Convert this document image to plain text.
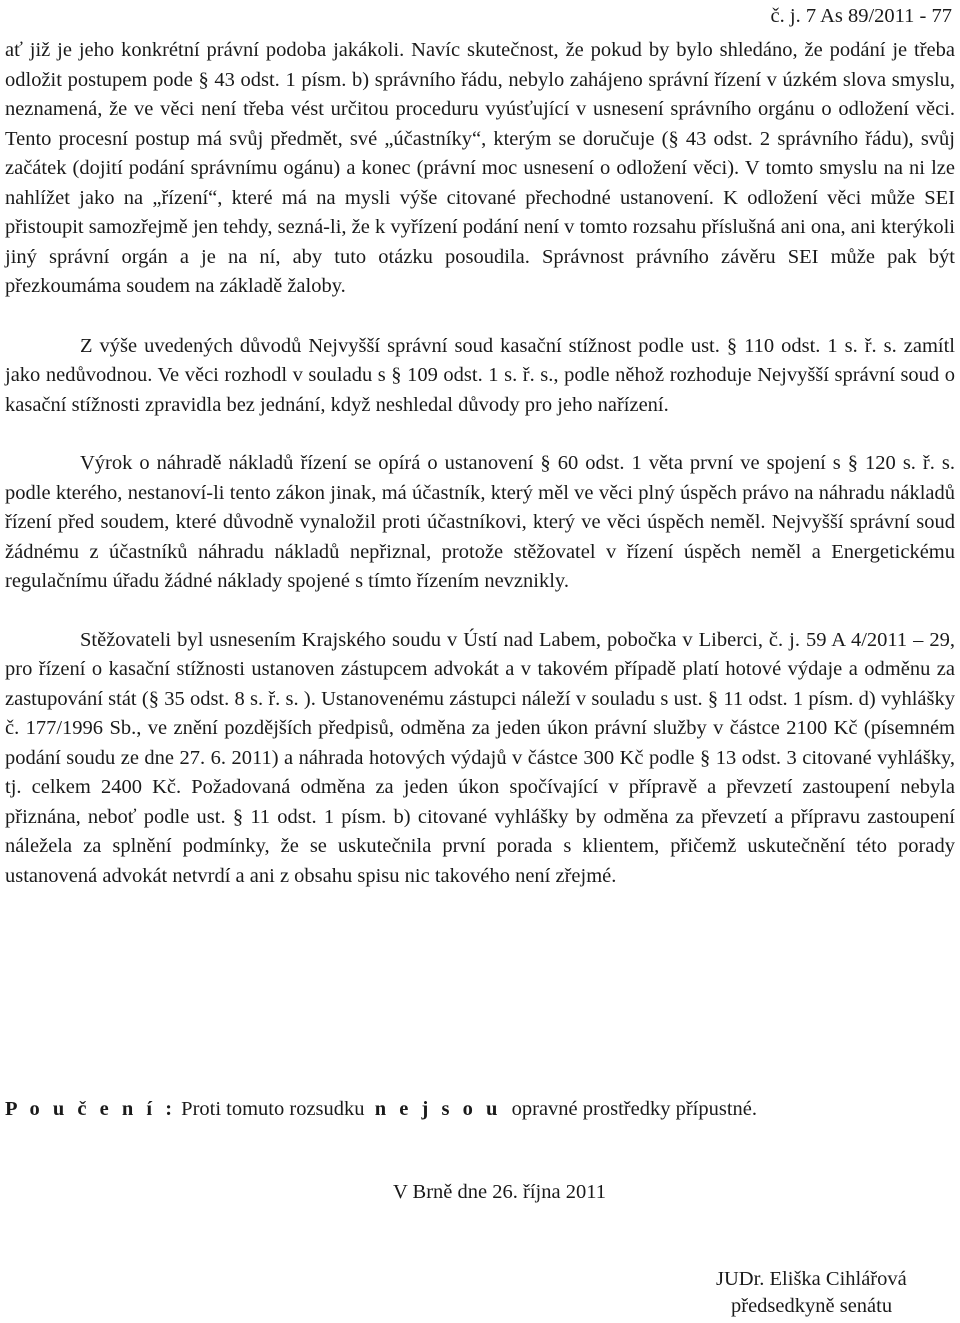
č. j. 7 As 89/2011 - 77

ať již je jeho konkrétní právní podoba jakákoli. Navíc skutečnost, že pokud by bylo shledáno, že podání je třeba odložit postupem pode § 43 odst. 1 písm. b) správního řádu, nebylo zahájeno správní řízení v úzkém slova smyslu, neznamená, že ve věci není třeba vést určitou proceduru vyúsťující v usnesení správního orgánu o odložení věci. Tento procesní postup má svůj předmět, své „účastníky“, kterým se doručuje (§ 43 odst. 2 správního řádu), svůj začátek (dojití podání správnímu ogánu) a konec (právní moc usnesení o odložení věci). V tomto smyslu na ni lze nahlížet jako na „řízení“, které má na mysli výše citované přechodné ustanovení. K odložení věci může SEI přistoupit samozřejmě jen tehdy, sezná-li, že k vyřízení podání není v tomto rozsahu příslušná ani ona, ani kterýkoli jiný správní orgán a je na ní, aby tuto otázku posoudila. Správnost právního závěru SEI může pak být přezkoumáma soudem na základě žaloby.

Z výše uvedených důvodů Nejvyšší správní soud kasační stížnost podle ust. § 110 odst. 1 s. ř. s. zamítl jako nedůvodnou. Ve věci rozhodl v souladu s § 109 odst. 1 s. ř. s., podle něhož rozhoduje Nejvyšší správní soud o kasační stížnosti zpravidla bez jednání, když neshledal důvody pro jeho nařízení.

Výrok o náhradě nákladů řízení se opírá o ustanovení § 60 odst. 1 věta první ve spojení s § 120 s. ř. s. podle kterého, nestanoví-li tento zákon jinak, má účastník, který měl ve věci plný úspěch právo na náhradu nákladů řízení před soudem, které důvodně vynaložil proti účastníkovi, který ve věci úspěch neměl. Nejvyšší správní soud žádnému z účastníků náhradu nákladů nepřiznal, protože stěžovatel v řízení úspěch neměl a Energetickému regulačnímu úřadu žádné náklady spojené s tímto řízením nevznikly.

Stěžovateli byl usnesením Krajského soudu v Ústí nad Labem, pobočka v Liberci, č. j. 59 A 4/2011 – 29, pro řízení o kasační stížnosti ustanoven zástupcem advokát a v takovém případě platí hotové výdaje a odměnu za zastupování stát (§ 35 odst. 8 s. ř. s. ). Ustanovenému zástupci náleží v souladu s ust. § 11 odst. 1 písm. d) vyhlášky č. 177/1996 Sb., ve znění pozdějších předpisů, odměna za jeden úkon právní služby v částce 2100 Kč (písemném podání soudu ze dne 27. 6. 2011) a náhrada hotových výdajů v částce 300 Kč podle § 13 odst. 3 citované vyhlášky, tj. celkem 2400 Kč. Požadovaná odměna za jeden úkon spočívající v přípravě a převzetí zastoupení nebyla přiznána, neboť podle ust. § 11 odst. 1 písm. b) citované vyhlášky by odměna za převzetí a přípravu zastoupení náležela za splnění podmínky, že se uskutečnila první porada s klientem, přičemž uskutečnění této porady ustanovená advokát netvrdí a ani z obsahu spisu nic takového není zřejmé.

P o u č e n í : Proti tomuto rozsudku n e j s o u opravné prostředky přípustné.
V Brně dne 26. října 2011
JUDr. Eliška Cihlářová
předsedkyně senátu
